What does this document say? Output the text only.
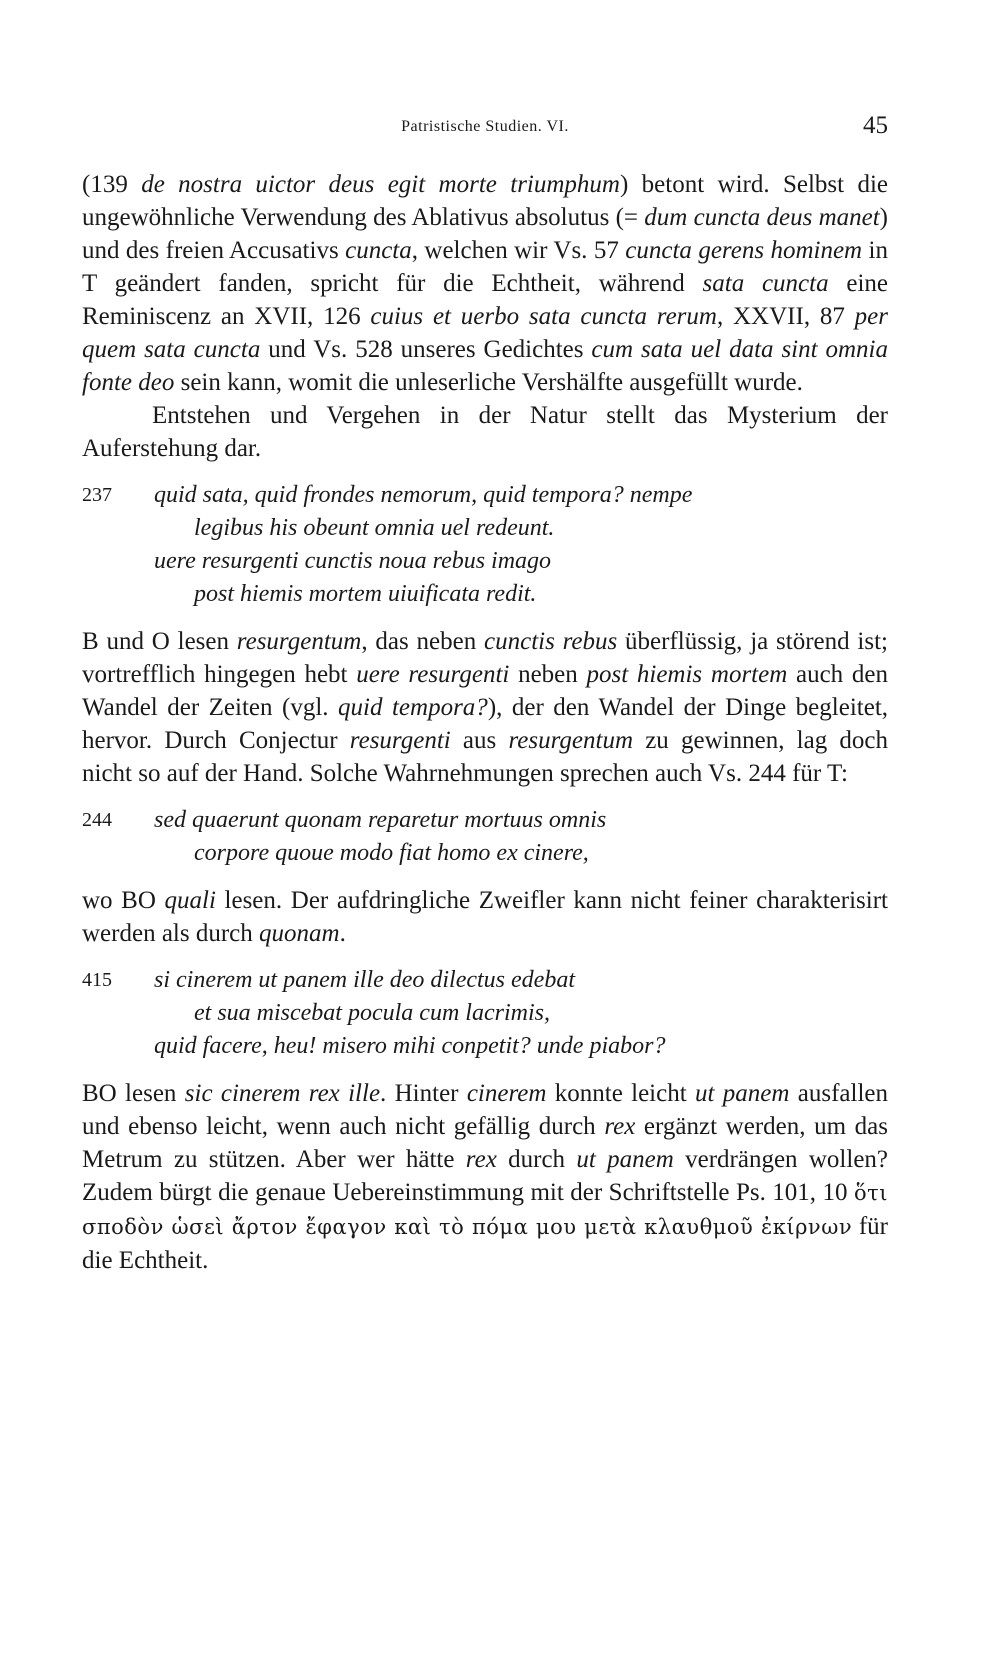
Patristische Studien. VI.	45

(139 de nostra uictor deus egit morte triumphum) betont wird. Selbst die ungewöhnliche Verwendung des Ablativus absolutus (= dum cuncta deus manet) und des freien Accusativs cuncta, welchen wir Vs. 57 cuncta gerens hominem in T geändert fanden, spricht für die Echtheit, während sata cuncta eine Reminiscenz an XVII, 126 cuius et uerbo sata cuncta rerum, XXVII, 87 per quem sata cuncta und Vs. 528 unseres Gedichtes cum sata uel data sint omnia fonte deo sein kann, womit die unleserliche Vershälfte ausgefüllt wurde.

Entstehen und Vergehen in der Natur stellt das Mysterium der Auferstehung dar.

237	quid sata, quid frondes nemorum, quid tempora? nempe

legibus his obeunt omnia uel redeunt.

uere resurgenti cunctis noua rebus imago

post hiemis mortem uiuificata redit.

B und O lesen resurgentum, das neben cunctis rebus überflüssig, ja störend ist; vortrefflich hingegen hebt uere resurgenti neben post hiemis mortem auch den Wandel der Zeiten (vgl. quid tempora?), der den Wandel der Dinge begleitet, hervor. Durch Conjectur resurgenti aus resurgentum zu gewinnen, lag doch nicht so auf der Hand. Solche Wahrnehmungen sprechen auch Vs. 244 für T:

244	sed quaerunt quonam reparetur mortuus omnis

corpore quoue modo fiat homo ex cinere,

wo BO quali lesen. Der aufdringliche Zweifler kann nicht feiner charakterisirt werden als durch quonam.

415	si cinerem ut panem ille deo dilectus edebat

et sua miscebat pocula cum lacrimis,

quid facere, heu! misero mihi conpetit? unde piabor?

BO lesen sic cinerem rex ille. Hinter cinerem konnte leicht ut panem ausfallen und ebenso leicht, wenn auch nicht gefällig durch rex ergänzt werden, um das Metrum zu stützen. Aber wer hätte rex durch ut panem verdrängen wollen? Zudem bürgt die genaue Uebereinstimmung mit der Schriftstelle Ps. 101, 10 ὅτι σποδὸν ὡσεὶ ἄρτον ἔφαγον καὶ τὸ πόμα μου μετὰ κλαυθμοῦ ἐκίρνων für die Echtheit.
